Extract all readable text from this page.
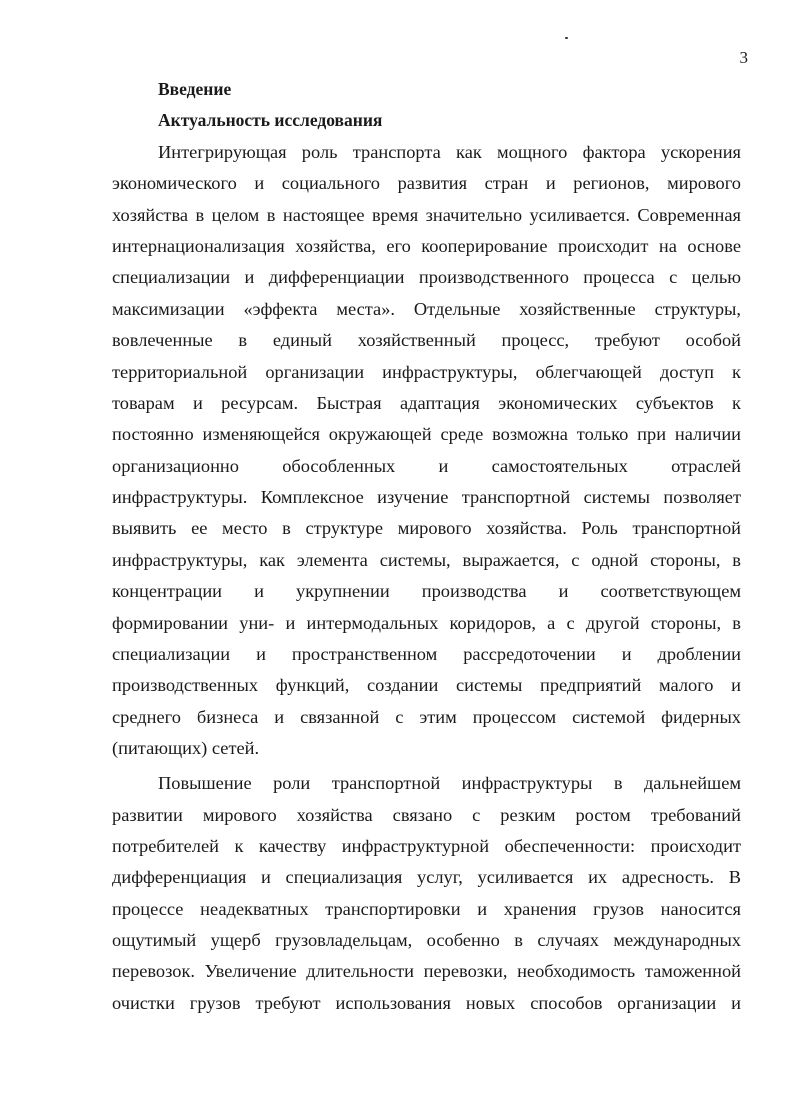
3
Введение
Актуальность исследования
Интегрирующая роль транспорта как мощного фактора ускорения
экономического и социального развития стран и регионов, мирового
хозяйства в целом в настоящее время значительно усиливается. Современная
интернационализация хозяйства, его кооперирование происходит на основе
специализации и дифференциации производственного процесса с целью
максимизации «эффекта места». Отдельные хозяйственные структуры,
вовлеченные в единый хозяйственный процесс, требуют особой
территориальной организации инфраструктуры, облегчающей доступ к
товарам и ресурсам. Быстрая адаптация экономических субъектов к
постоянно изменяющейся окружающей среде возможна только при наличии
организационно обособленных и самостоятельных отраслей
инфраструктуры. Комплексное изучение транспортной системы позволяет
выявить ее место в структуре мирового хозяйства. Роль транспортной
инфраструктуры, как элемента системы, выражается, с одной стороны, в
концентрации и укрупнении производства и соответствующем
формировании уни- и интермодальных коридоров, а с другой стороны, в
специализации и пространственном рассредоточении и дроблении
производственных функций, создании системы предприятий малого и
среднего бизнеса и связанной с этим процессом системой фидерных
(питающих) сетей.
Повышение роли транспортной инфраструктуры в дальнейшем
развитии мирового хозяйства связано с резким ростом требований
потребителей к качеству инфраструктурной обеспеченности: происходит
дифференциация и специализация услуг, усиливается их адресность. В
процессе неадекватных транспортировки и хранения грузов наносится
ощутимый ущерб грузовладельцам, особенно в случаях международных
перевозок. Увеличение длительности перевозки, необходимость таможенной
очистки грузов требуют использования новых способов организации и
